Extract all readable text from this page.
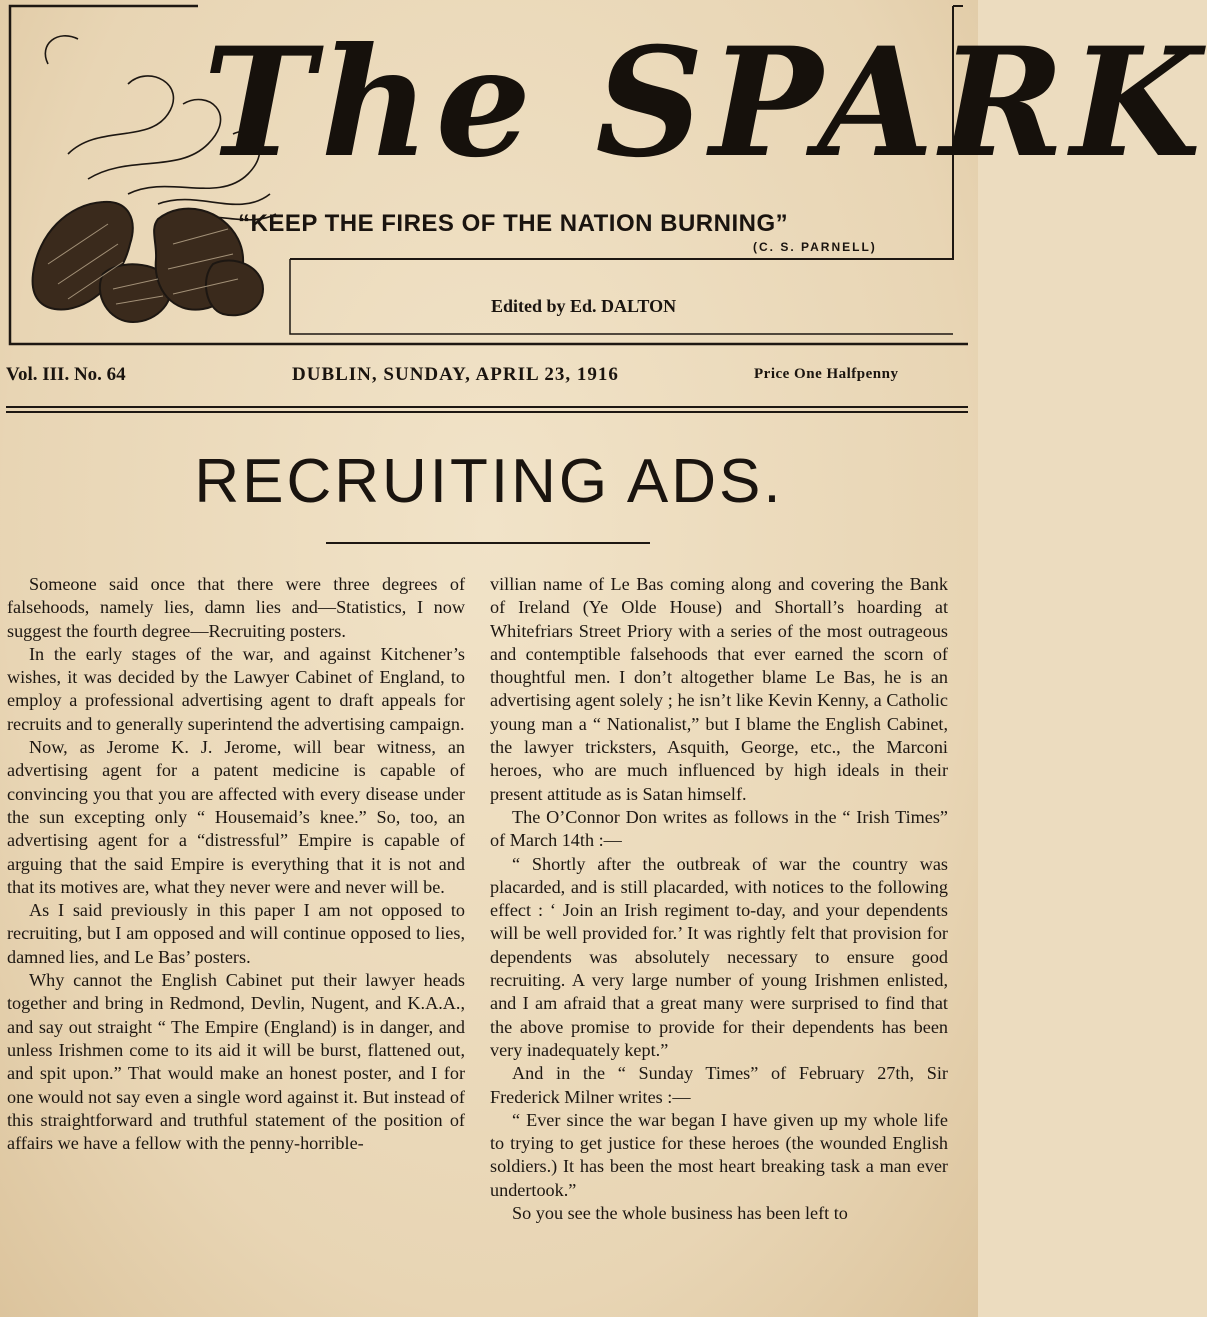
The SPARK
“KEEP THE FIRES OF THE NATION BURNING”
(C. S. PARNELL)
Edited by Ed. DALTON
Vol. III. No. 64	DUBLIN, SUNDAY, APRIL 23, 1916	Price One Halfpenny
RECRUITING ADS.

Someone said once that there were three degrees of falsehoods, namely lies, damn lies and—Statistics, I now suggest the fourth degree—Recruiting posters.

In the early stages of the war, and against Kitchener’s wishes, it was decided by the Lawyer Cabinet of England, to employ a professional advertising agent to draft appeals for recruits and to generally superintend the advertising campaign.

Now, as Jerome K. J. Jerome, will bear witness, an advertising agent for a patent medicine is capable of convincing you that you are affected with every disease under the sun excepting only “ Housemaid’s knee.” So, too, an advertising agent for a “distressful” Empire is capable of arguing that the said Empire is everything that it is not and that its motives are, what they never were and never will be.

As I said previously in this paper I am not opposed to recruiting, but I am opposed and will continue opposed to lies, damned lies, and Le Bas’ posters.

Why cannot the English Cabinet put their lawyer heads together and bring in Redmond, Devlin, Nugent, and K.A.A., and say out straight “ The Empire (England) is in danger, and unless Irishmen come to its aid it will be burst, flattened out, and spit upon.” That would make an honest poster, and I for one would not say even a single word against it. But instead of this straightforward and truthful statement of the position of affairs we have a fellow with the penny-horrible-

villian name of Le Bas coming along and covering the Bank of Ireland (Ye Olde House) and Shortall’s hoarding at Whitefriars Street Priory with a series of the most outrageous and contemptible falsehoods that ever earned the scorn of thoughtful men. I don’t altogether blame Le Bas, he is an advertising agent solely ; he isn’t like Kevin Kenny, a Catholic young man a “ Nationalist,” but I blame the English Cabinet, the lawyer tricksters, Asquith, George, etc., the Marconi heroes, who are much influenced by high ideals in their present attitude as is Satan himself.

The O’Connor Don writes as follows in the “ Irish Times” of March 14th :—

“ Shortly after the outbreak of war the country was placarded, and is still placarded, with notices to the following effect : ‘ Join an Irish regiment to-day, and your dependents will be well provided for.’ It was rightly felt that provision for dependents was absolutely necessary to ensure good recruiting. A very large number of young Irishmen enlisted, and I am afraid that a great many were surprised to find that the above promise to provide for their dependents has been very inadequately kept.”

And in the “ Sunday Times” of February 27th, Sir Frederick Milner writes :—

“ Ever since the war began I have given up my whole life to trying to get justice for these heroes (the wounded English soldiers.) It has been the most heart breaking task a man ever undertook.”

So you see the whole business has been left to
